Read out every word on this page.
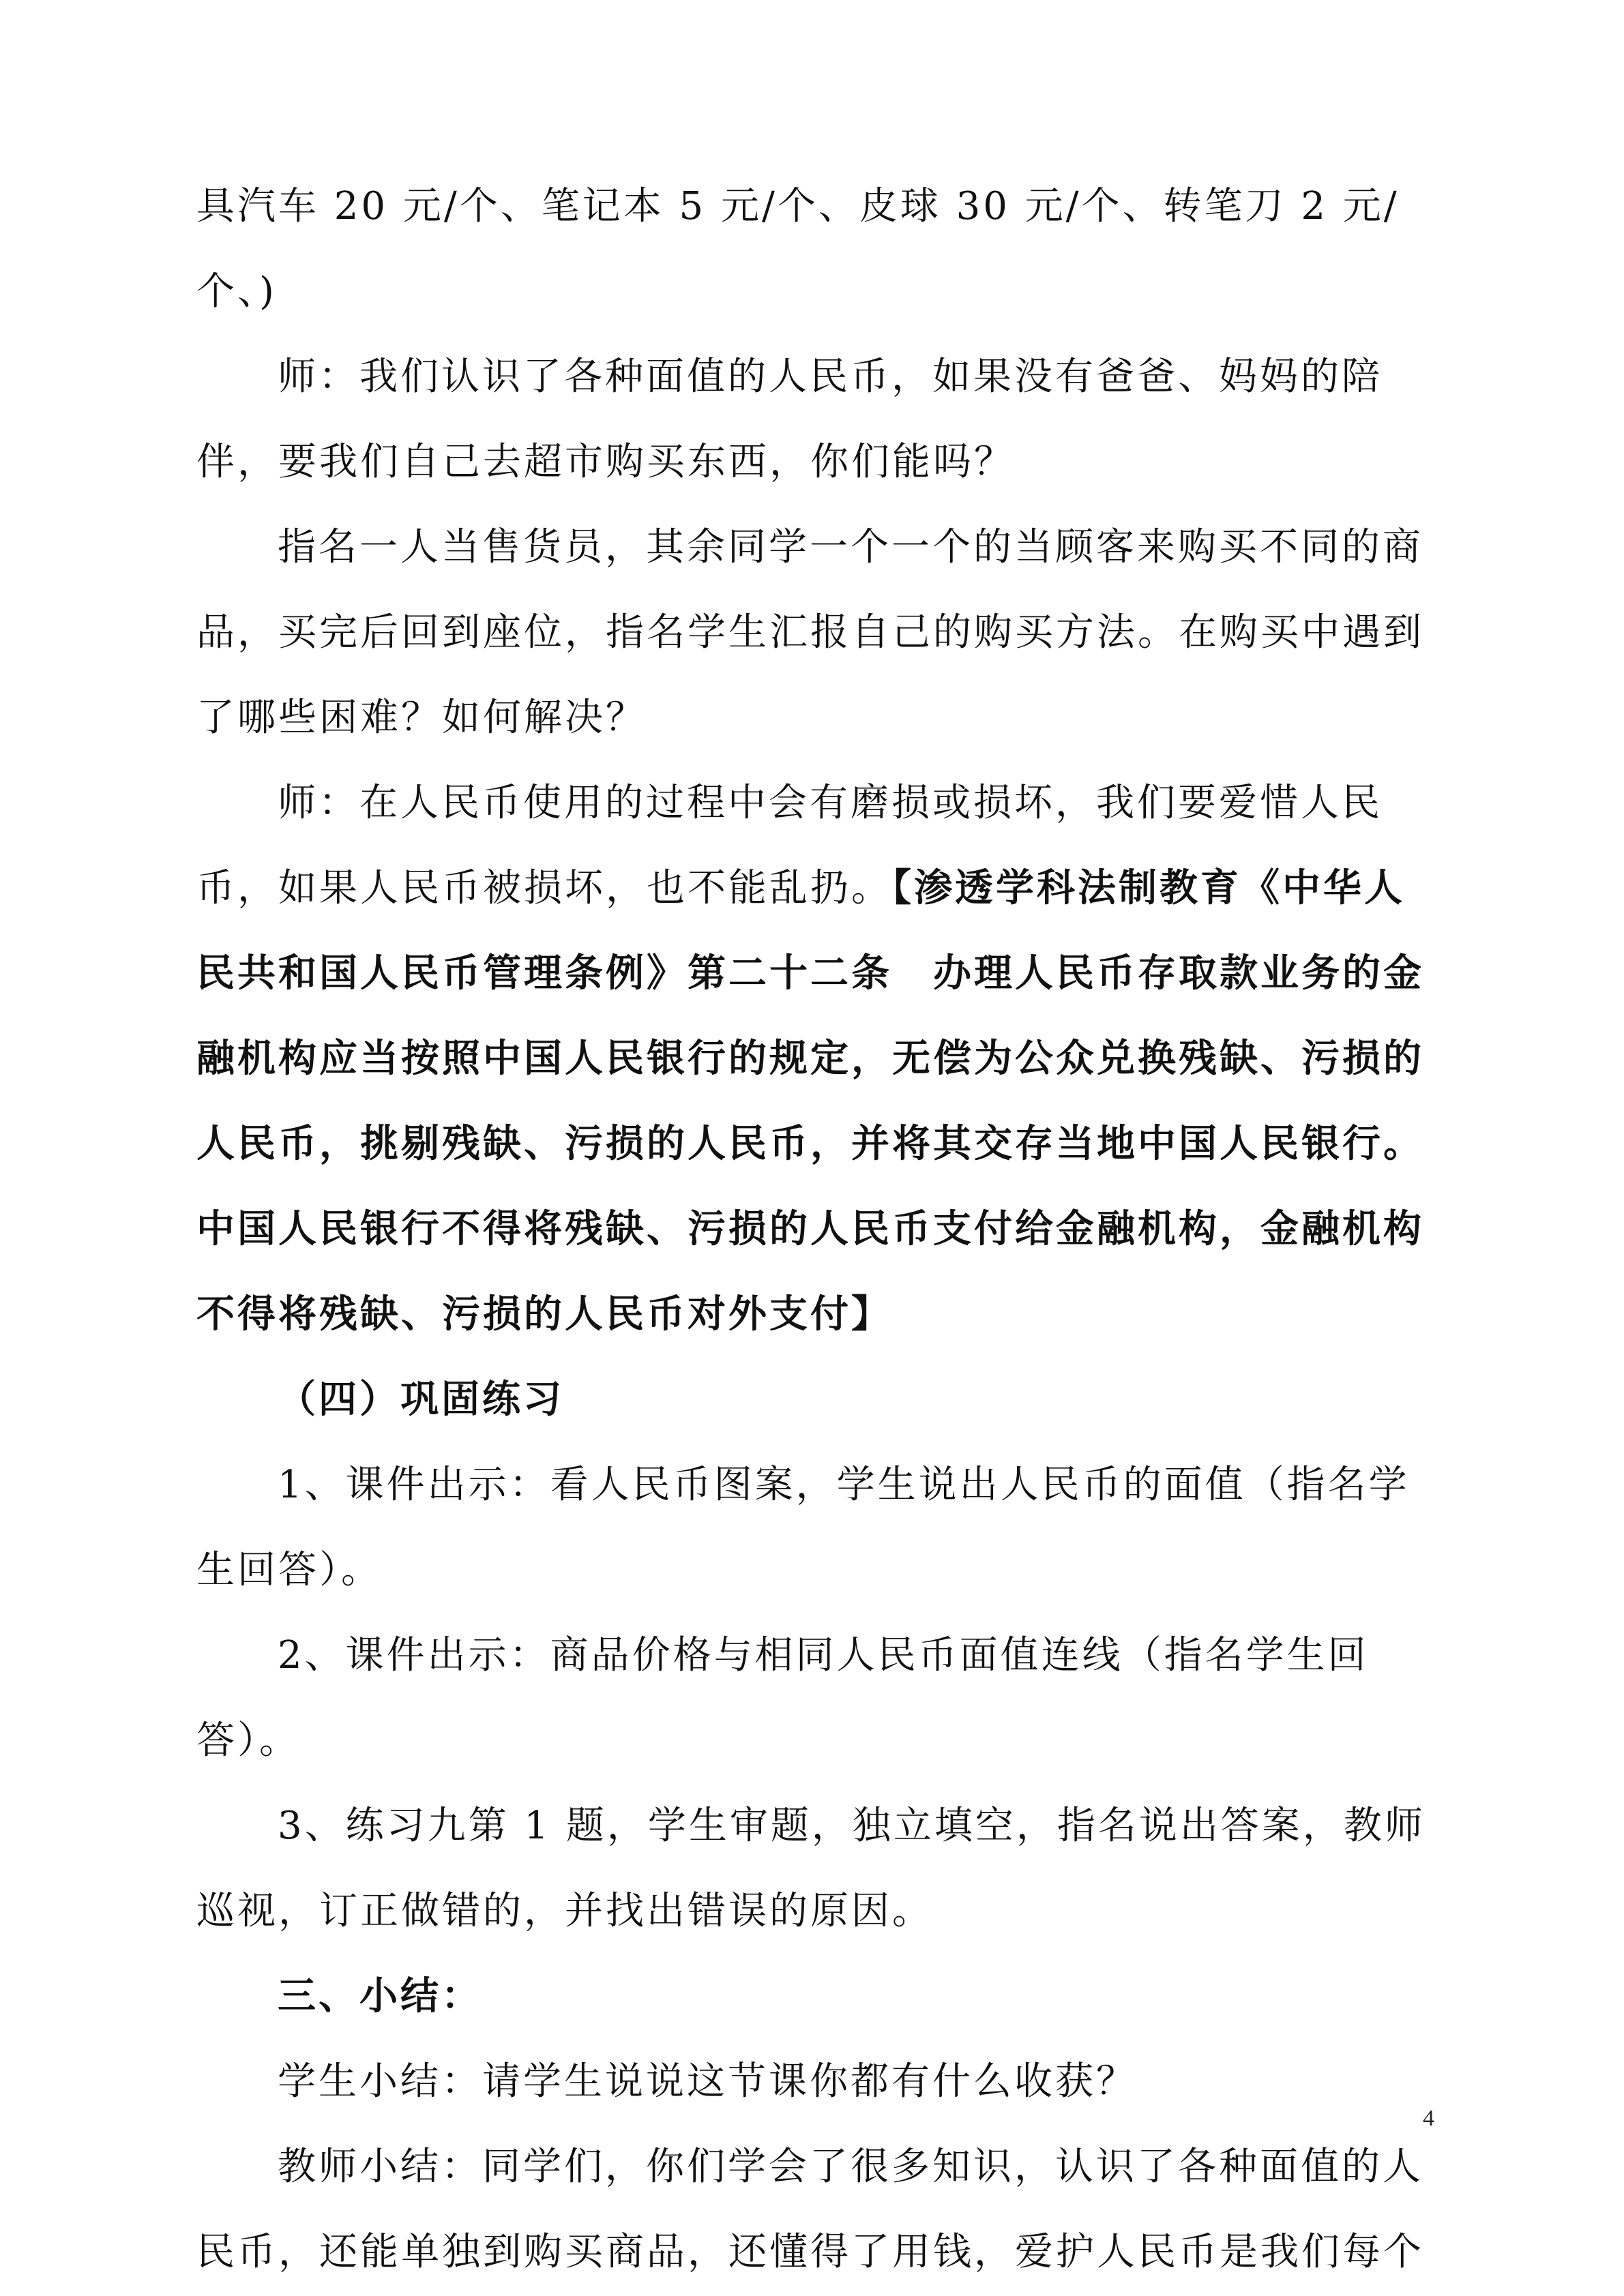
具汽车 20 元/个、笔记本 5 元/个、皮球 30 元/个、转笔刀 2 元/
个、)
师：我们认识了各种面值的人民币，如果没有爸爸、妈妈的陪
伴，要我们自己去超市购买东西，你们能吗？
指名一人当售货员，其余同学一个一个的当顾客来购买不同的商
品，买完后回到座位，指名学生汇报自己的购买方法。在购买中遇到
了哪些困难？如何解决？
师：在人民币使用的过程中会有磨损或损坏，我们要爱惜人民
币，如果人民币被损坏，也不能乱扔。【渗透学科法制教育《中华人
民共和国人民币管理条例》第二十二条　办理人民币存取款业务的金
融机构应当按照中国人民银行的规定，无偿为公众兑换残缺、污损的
人民币，挑剔残缺、污损的人民币，并将其交存当地中国人民银行。
中国人民银行不得将残缺、污损的人民币支付给金融机构，金融机构
不得将残缺、污损的人民币对外支付】
（四）巩固练习
1、课件出示：看人民币图案，学生说出人民币的面值（指名学
生回答）。
2、课件出示：商品价格与相同人民币面值连线（指名学生回
答）。
3、练习九第 1 题，学生审题，独立填空，指名说出答案，教师
巡视，订正做错的，并找出错误的原因。
三、小结：
学生小结：请学生说说这节课你都有什么收获？
教师小结：同学们，你们学会了很多知识，认识了各种面值的人
民币，还能单独到购买商品，还懂得了用钱，爱护人民币是我们每个
4
